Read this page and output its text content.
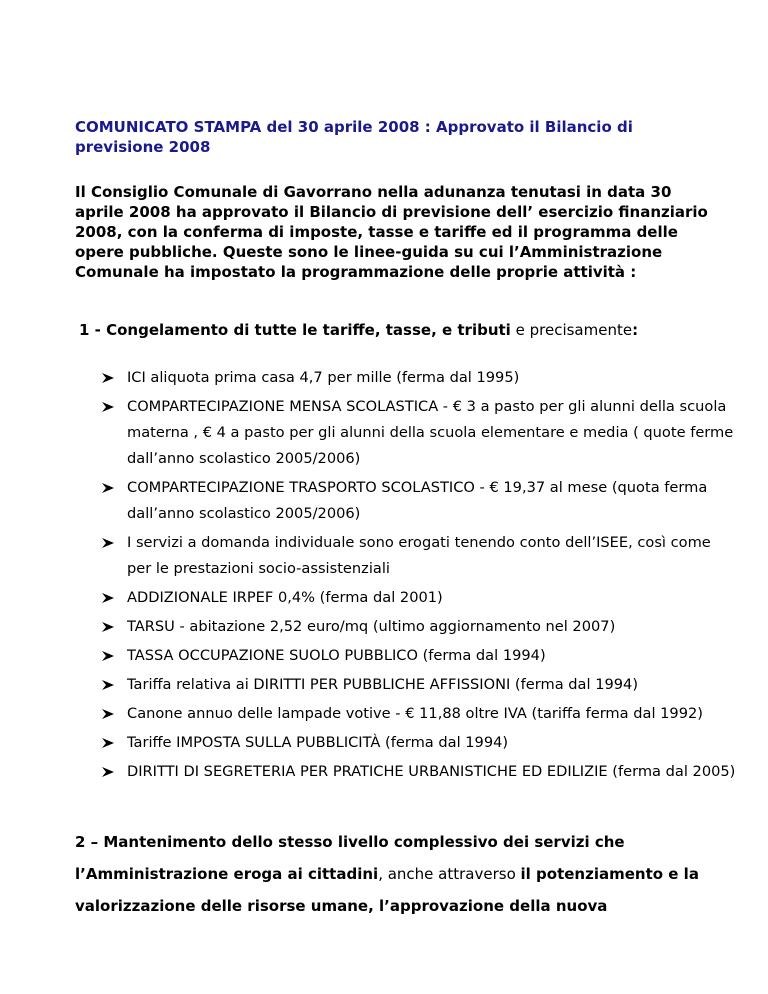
COMUNICATO STAMPA del 30 aprile 2008 : Approvato il Bilancio di previsione 2008
Il Consiglio Comunale di Gavorrano nella adunanza tenutasi in data 30 aprile 2008 ha approvato il Bilancio di previsione dell’ esercizio finanziario 2008, con la conferma di imposte, tasse e tariffe ed il programma delle opere pubbliche. Queste sono le linee-guida su cui l’Amministrazione Comunale ha impostato la programmazione delle proprie attività :
1 - Congelamento di tutte le tariffe, tasse, e tributi e precisamente:
ICI aliquota prima casa 4,7 per mille (ferma dal 1995)
COMPARTECIPAZIONE MENSA SCOLASTICA - € 3 a pasto per gli alunni della scuola materna , € 4 a pasto per gli alunni della scuola elementare e media ( quote ferme dall’anno scolastico 2005/2006)
COMPARTECIPAZIONE TRASPORTO SCOLASTICO - € 19,37 al mese (quota ferma dall’anno scolastico 2005/2006)
I servizi a domanda individuale sono erogati tenendo conto dell’ISEE, così come per le prestazioni socio-assistenziali
ADDIZIONALE IRPEF 0,4% (ferma dal 2001)
TARSU - abitazione 2,52 euro/mq (ultimo aggiornamento nel 2007)
TASSA OCCUPAZIONE SUOLO PUBBLICO (ferma dal 1994)
Tariffa relativa ai DIRITTI PER PUBBLICHE AFFISSIONI (ferma dal 1994)
Canone annuo delle lampade votive - € 11,88 oltre IVA (tariffa ferma dal 1992)
Tariffe IMPOSTA SULLA PUBBLICITÀ (ferma dal 1994)
DIRITTI DI SEGRETERIA PER PRATICHE URBANISTICHE ED EDILIZIE (ferma dal 2005)
2 – Mantenimento dello stesso livello complessivo dei servizi che l’Amministrazione eroga ai cittadini, anche attraverso il potenziamento e la valorizzazione delle risorse umane, l’approvazione della nuova
